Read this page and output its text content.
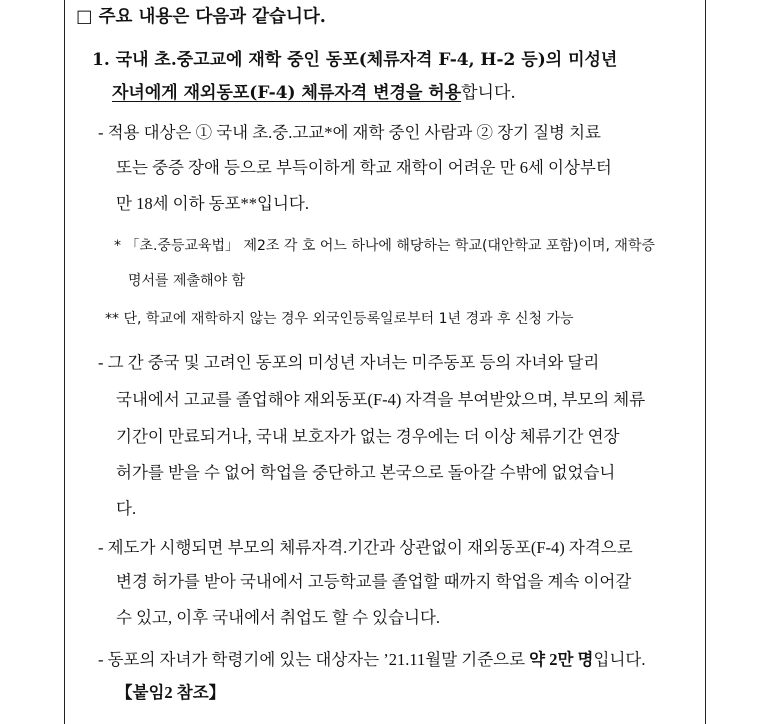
□ 주요 내용은 다음과 같습니다.
1. 국내 초.중고교에 재학 중인 동포(체류자격 F-4, H-2 등)의 미성년
자녀에게 재외동포(F-4) 체류자격 변경을 허용합니다.
- 적용 대상은 ① 국내 초.중.고교*에 재학 중인 사람과 ② 장기 질병 치료
또는 중증 장애 등으로 부득이하게 학교 재학이 어려운 만 6세 이상부터
만 18세 이하 동포**입니다.
* 「초.중등교육법」 제2조 각 호 어느 하나에 해당하는 학교(대안학교 포함)이며, 재학증
명서를 제출해야 함
** 단, 학교에 재학하지 않는 경우 외국인등록일로부터 1년 경과 후 신청 가능
- 그 간 중국 및 고려인 동포의 미성년 자녀는 미주동포 등의 자녀와 달리
국내에서 고교를 졸업해야 재외동포(F-4) 자격을 부여받았으며, 부모의 체류
기간이 만료되거나, 국내 보호자가 없는 경우에는 더 이상 체류기간 연장
허가를 받을 수 없어 학업을 중단하고 본국으로 돌아갈 수밖에 없었습니
다.
- 제도가 시행되면 부모의 체류자격.기간과 상관없이 재외동포(F-4) 자격으로
변경 허가를 받아 국내에서 고등학교를 졸업할 때까지 학업을 계속 이어갈
수 있고, 이후 국내에서 취업도 할 수 있습니다.
- 동포의 자녀가 학령기에 있는 대상자는 ’21.11월말 기준으로 약 2만 명입니다.
【붙임2 참조】
